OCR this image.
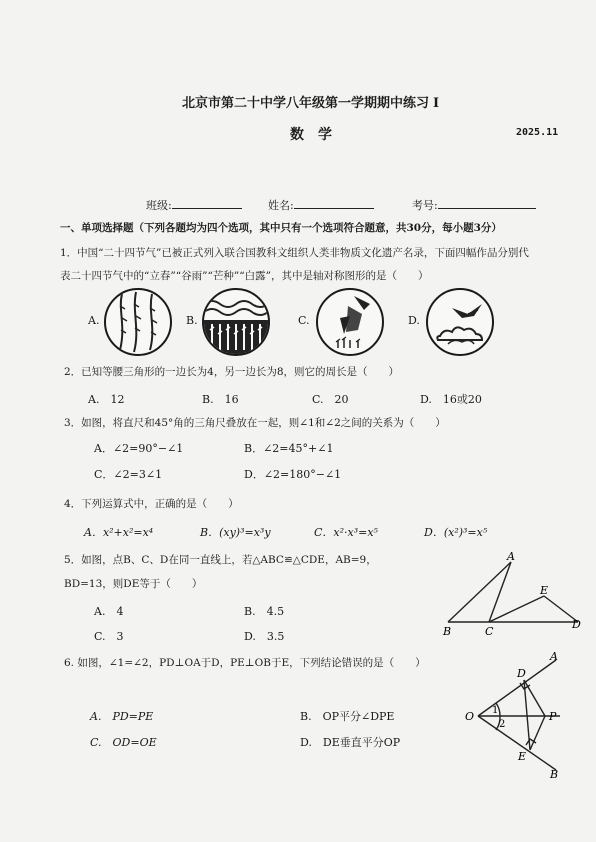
北京市第二十中学八年级第一学期期中练习 Ⅰ
数　学	2025.11
班级:	姓名:	考号:
一、单项选择题（下列各题均为四个选项，其中只有一个选项符合题意，共30分，每小题3分）
1．中国“二十四节气”已被正式列入联合国教科文组织人类非物质文化遗产名录，下面四幅作品分别代
表二十四节气中的“立春”“谷雨”“芒种”“白露”，其中是轴对称图形的是（　　）
A.	B.	C.	D.
2．已知等腰三角形的一边长为4，另一边长为8，则它的周长是（　　）
A.　12	B.　16	C.　20	D.　16或20
3．如图，将直尺和45°角的三角尺叠放在一起，则∠1和∠2之间的关系为（　　）
A．∠2=90°−∠1	B．∠2=45°+∠1
C．∠2=3∠1	D．∠2=180°−∠1
4．下列运算式中，正确的是（　　）
A．x²+x²=x⁴	B．(xy)³=x³y	C．x²·x³=x⁵	D．(x²)³=x⁵
5．如图，点B、C、D在同一直线上，若△ABC≌△CDE，AB=9，
BD=13，则DE等于（　　）
A.　4	B.　4.5
C.　3	D.　3.5
A
B	C
D
E
6. 如图，∠1=∠2，PD⊥OA于D，PE⊥OB于E，下列结论错误的是（　　）
A.　PD=PE	B.　OP平分∠DPE
C.　OD=OE	D.　DE垂直平分OP
O
D
E
P
A
B
1
2
